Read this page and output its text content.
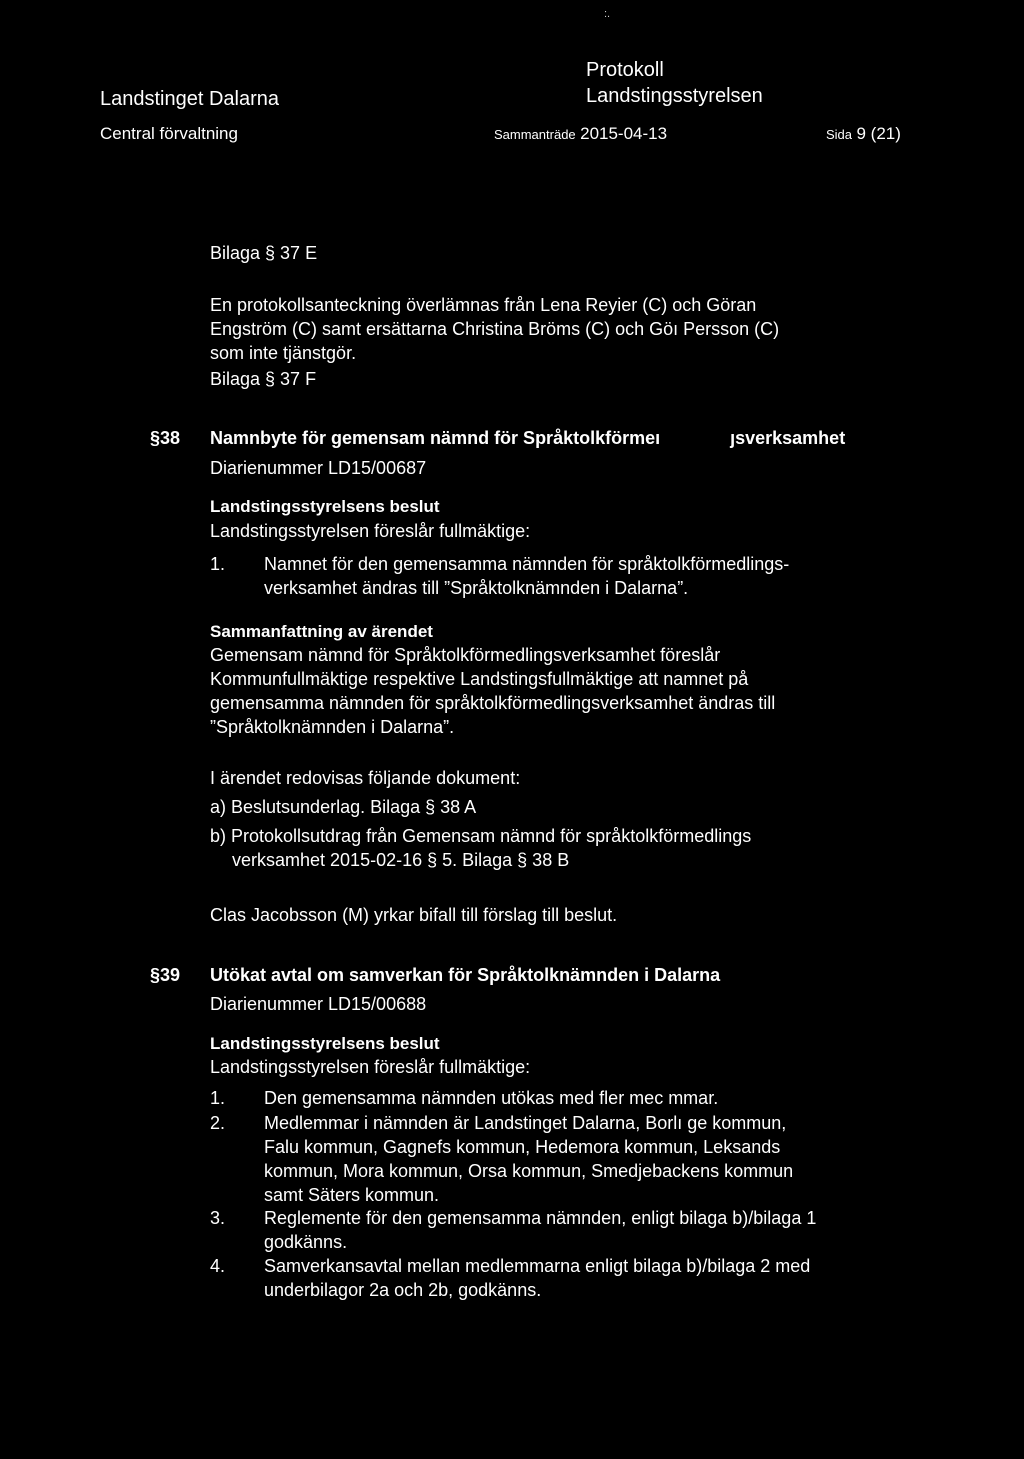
:.
Landstinget Dalarna
Protokoll
Landstingsstyrelsen
Central förvaltning	Sammanträde 2015-04-13	Sida 9 (21)
Bilaga § 37 E
En protokollsanteckning överlämnas från Lena Reyier (C) och Göran
Engström (C) samt ersättarna Christina Bröms (C) och Göı Persson (C)
som inte tjänstgör.
Bilaga § 37 F
§38 Namnbyte för gemensam nämnd för Språktolkförmeı	ȷsverksamhet
Diarienummer LD15/00687
Landstingsstyrelsens beslut
Landstingsstyrelsen föreslår fullmäktige:
1. Namnet för den gemensamma nämnden för språktolkförmedlings-
verksamhet ändras till ”Språktolknämnden i Dalarna”.
Sammanfattning av ärendet
Gemensam nämnd för Språktolkförmedlingsverksamhet föreslår
Kommunfullmäktige respektive Landstingsfullmäktige att namnet på
gemensamma nämnden för språktolkförmedlingsverksamhet ändras till
”Språktolknämnden i Dalarna”.
I ärendet redovisas följande dokument:
a) Beslutsunderlag. Bilaga § 38 A
b) Protokollsutdrag från Gemensam nämnd för språktolkförmedlings
verksamhet 2015-02-16 § 5. Bilaga § 38 B
Clas Jacobsson (M) yrkar bifall till förslag till beslut.
§39 Utökat avtal om samverkan för Språktolknämnden i Dalarna
Diarienummer LD15/00688
Landstingsstyrelsens beslut
Landstingsstyrelsen föreslår fullmäktige:
1. Den gemensamma nämnden utökas med fler mec mmar.
2. Medlemmar i nämnden är Landstinget Dalarna, Borlı ge kommun,
Falu kommun, Gagnefs kommun, Hedemora kommun, Leksands
kommun, Mora kommun, Orsa kommun, Smedjebackens kommun
samt Säters kommun.
3. Reglemente för den gemensamma nämnden, enligt bilaga b)/bilaga 1
godkänns.
4. Samverkansavtal mellan medlemmarna enligt bilaga b)/bilaga 2 med
underbilagor 2a och 2b, godkänns.
